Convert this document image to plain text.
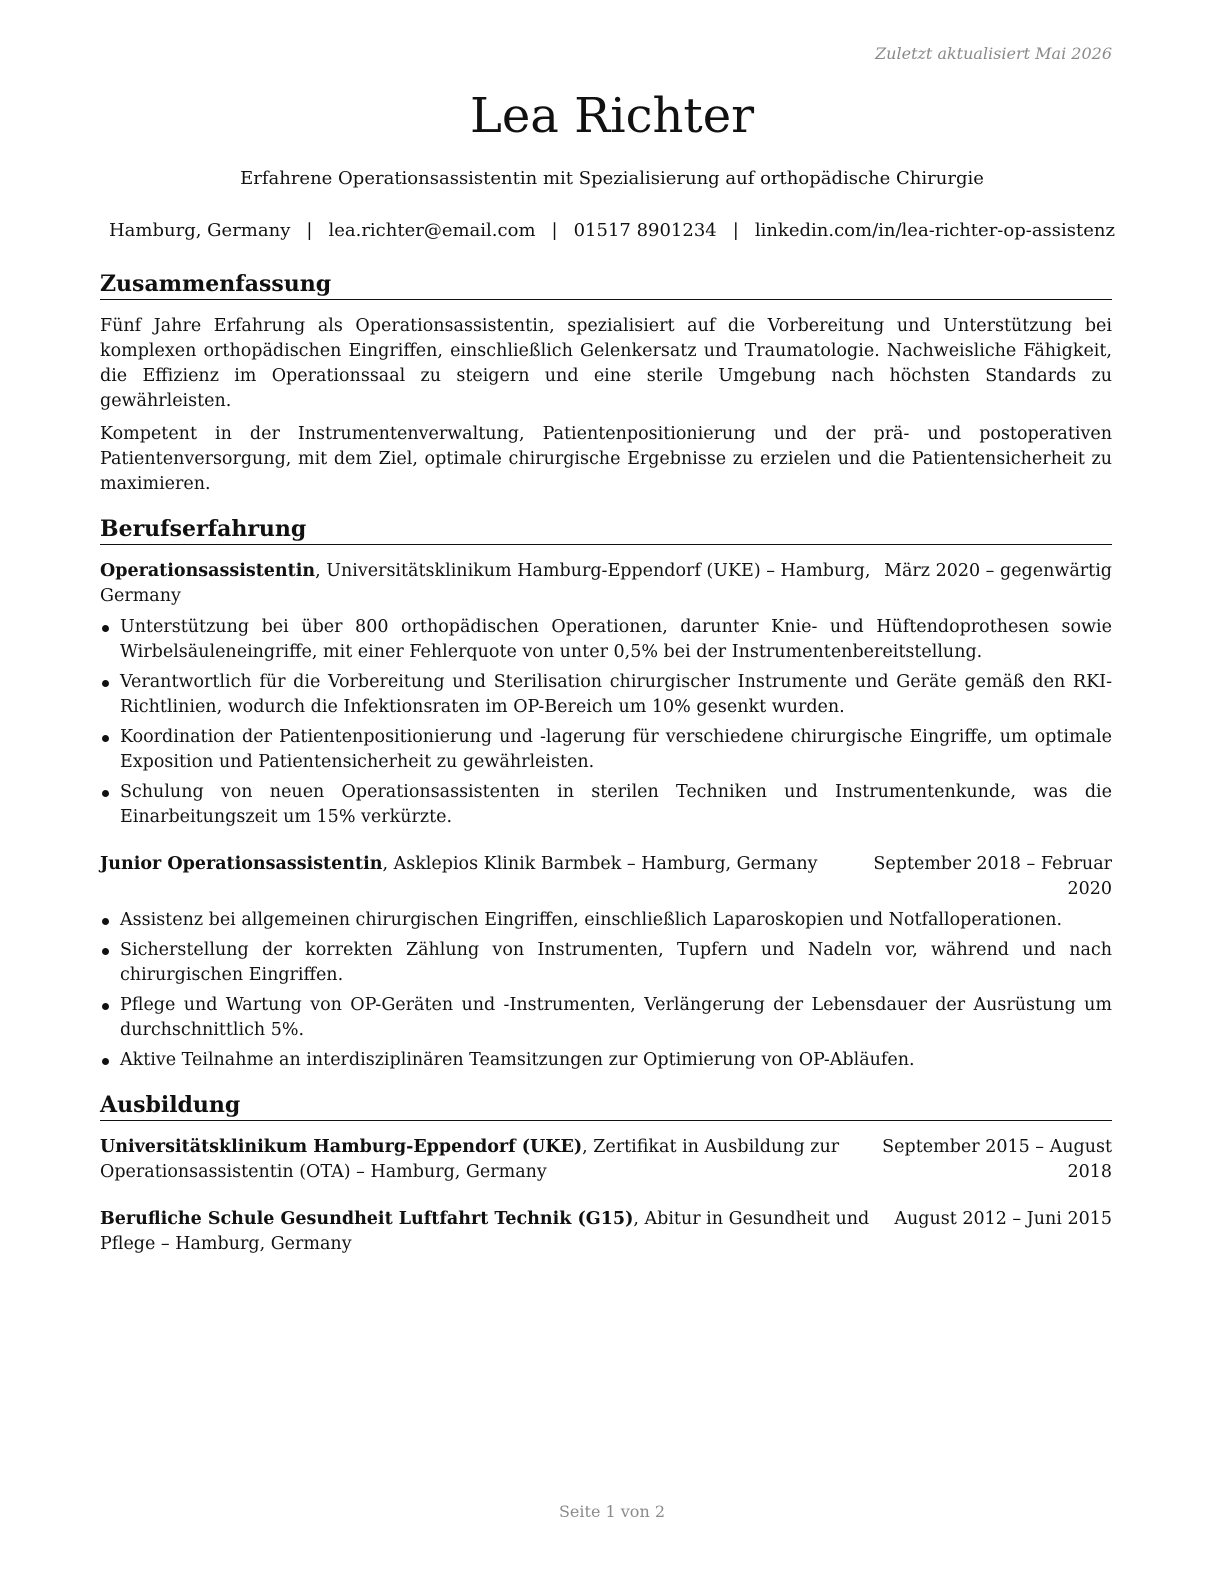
Zuletzt aktualisiert Mai 2026
Lea Richter
Erfahrene Operationsassistentin mit Spezialisierung auf orthopädische Chirurgie
Hamburg, Germany | lea.richter@email.com | 01517 8901234 | linkedin.com/in/lea-richter-op-assistenz
Zusammenfassung

Fünf Jahre Erfahrung als Operationsassistentin, spezialisiert auf die Vorbereitung und Unterstützung bei komplexen orthopädischen Eingriffen, einschließlich Gelenkersatz und Traumatologie. Nachweisliche Fähigkeit, die Effizienz im Operationssaal zu steigern und eine sterile Umgebung nach höchsten Standards zu gewährleisten.

Kompetent in der Instrumentenverwaltung, Patientenpositionierung und der prä- und postoperativen Patientenversorgung, mit dem Ziel, optimale chirurgische Ergebnisse zu erzielen und die Patientensicherheit zu maximieren.

Berufserfahrung
Operationsassistentin, Universitätsklinikum Hamburg-Eppendorf (UKE) – Hamburg, Germany
März 2020 – gegenwärtig
Unterstützung bei über 800 orthopädischen Operationen, darunter Knie- und Hüftendoprothesen sowie Wirbelsäuleneingriffe, mit einer Fehlerquote von unter 0,5% bei der Instrumentenbereitstellung.
Verantwortlich für die Vorbereitung und Sterilisation chirurgischer Instrumente und Geräte gemäß den RKI-Richtlinien, wodurch die Infektionsraten im OP-Bereich um 10% gesenkt wurden.
Koordination der Patientenpositionierung und -lagerung für verschiedene chirurgische Eingriffe, um optimale Exposition und Patientensicherheit zu gewährleisten.
Schulung von neuen Operationsassistenten in sterilen Techniken und Instrumentenkunde, was die Einarbeitungszeit um 15% verkürzte.
Junior Operationsassistentin, Asklepios Klinik Barmbek – Hamburg, Germany	September 2018 – Februar 2020
Assistenz bei allgemeinen chirurgischen Eingriffen, einschließlich Laparoskopien und Notfalloperationen.
Sicherstellung der korrekten Zählung von Instrumenten, Tupfern und Nadeln vor, während und nach chirurgischen Eingriffen.
Pflege und Wartung von OP-Geräten und -Instrumenten, Verlängerung der Lebensdauer der Ausrüstung um durchschnittlich 5%.
Aktive Teilnahme an interdisziplinären Teamsitzungen zur Optimierung von OP-Abläufen.
Ausbildung
Universitätsklinikum Hamburg-Eppendorf (UKE), Zertifikat in Ausbildung zur Operationsassistentin (OTA) – Hamburg, Germany
September 2015 – August 2018
Berufliche Schule Gesundheit Luftfahrt Technik (G15), Abitur in Gesundheit und Pflege – Hamburg, Germany
August 2012 – Juni 2015
Seite 1 von 2
